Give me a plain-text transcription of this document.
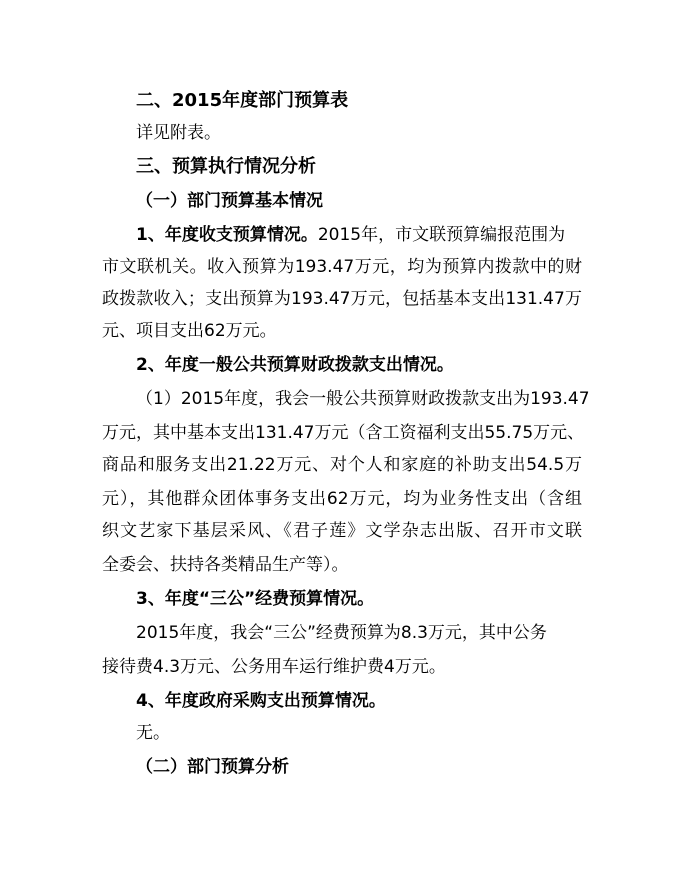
二、2015年度部门预算表
详见附表。
三、预算执行情况分析
（一）部门预算基本情况
1、年度收支预算情况。2015年，市文联预算编报范围为
市文联机关。收入预算为193.47万元，均为预算内拨款中的财
政拨款收入；支出预算为193.47万元，包括基本支出131.47万
元、项目支出62万元。
2、年度一般公共预算财政拨款支出情况。
（1）2015年度，我会一般公共预算财政拨款支出为193.47
万元，其中基本支出131.47万元（含工资福利支出55.75万元、
商品和服务支出21.22万元、对个人和家庭的补助支出54.5万
元），其他群众团体事务支出62万元，均为业务性支出（含组
织文艺家下基层采风、《君子莲》文学杂志出版、召开市文联
全委会、扶持各类精品生产等）。
3、年度“三公”经费预算情况。
2015年度，我会“三公”经费预算为8.3万元，其中公务
接待费4.3万元、公务用车运行维护费4万元。
4、年度政府采购支出预算情况。
无。
（二）部门预算分析
